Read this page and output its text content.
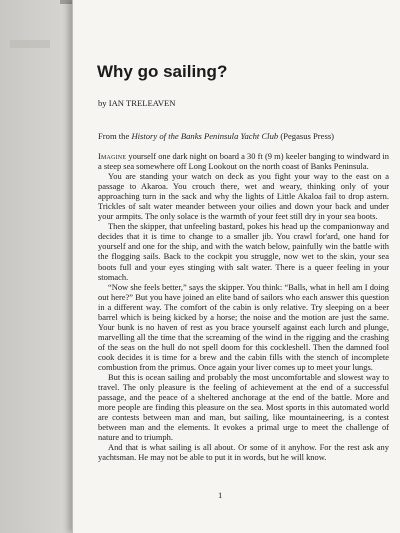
Why go sailing?
by IAN TRELEAVEN
From the History of the Banks Peninsula Yacht Club (Pegasus Press)

Imagine yourself one dark night on board a 30 ft (9 m) keeler banging to windward in a steep sea somewhere off Long Lookout on the north coast of Banks Peninsula.

You are standing your watch on deck as you fight your way to the east on a passage to Akaroa. You crouch there, wet and weary, thinking only of your approaching turn in the sack and why the lights of Little Akaloa fail to drop astern. Trickles of salt water meander between your oilies and down your back and under your armpits. The only solace is the warmth of your feet still dry in your sea boots.

Then the skipper, that unfeeling bastard, pokes his head up the companionway and decides that it is time to change to a smaller jib. You crawl for'ard, one hand for yourself and one for the ship, and with the watch below, painfully win the battle with the flogging sails. Back to the cockpit you struggle, now wet to the skin, your sea boots full and your eyes stinging with salt water. There is a queer feeling in your stomach.

“Now she feels better,” says the skipper. You think: “Balls, what in hell am I doing out here?” But you have joined an elite band of sailors who each answer this question in a different way. The comfort of the cabin is only relative. Try sleeping on a beer barrel which is being kicked by a horse; the noise and the motion are just the same. Your bunk is no haven of rest as you brace yourself against each lurch and plunge, marvelling all the time that the screaming of the wind in the rigging and the crashing of the seas on the hull do not spell doom for this cockleshell. Then the damned fool cook decides it is time for a brew and the cabin fills with the stench of incomplete combustion from the primus. Once again your liver comes up to meet your lungs.

But this is ocean sailing and probably the most uncomfortable and slowest way to travel. The only pleasure is the feeling of achievement at the end of a successful passage, and the peace of a sheltered anchorage at the end of the battle. More and more people are finding this pleasure on the sea. Most sports in this automated world are contests between man and man, but sailing, like mountaineering, is a contest between man and the elements. It evokes a primal urge to meet the challenge of nature and to triumph.

And that is what sailing is all about. Or some of it anyhow. For the rest ask any yachtsman. He may not be able to put it in words, but he will know.

1
